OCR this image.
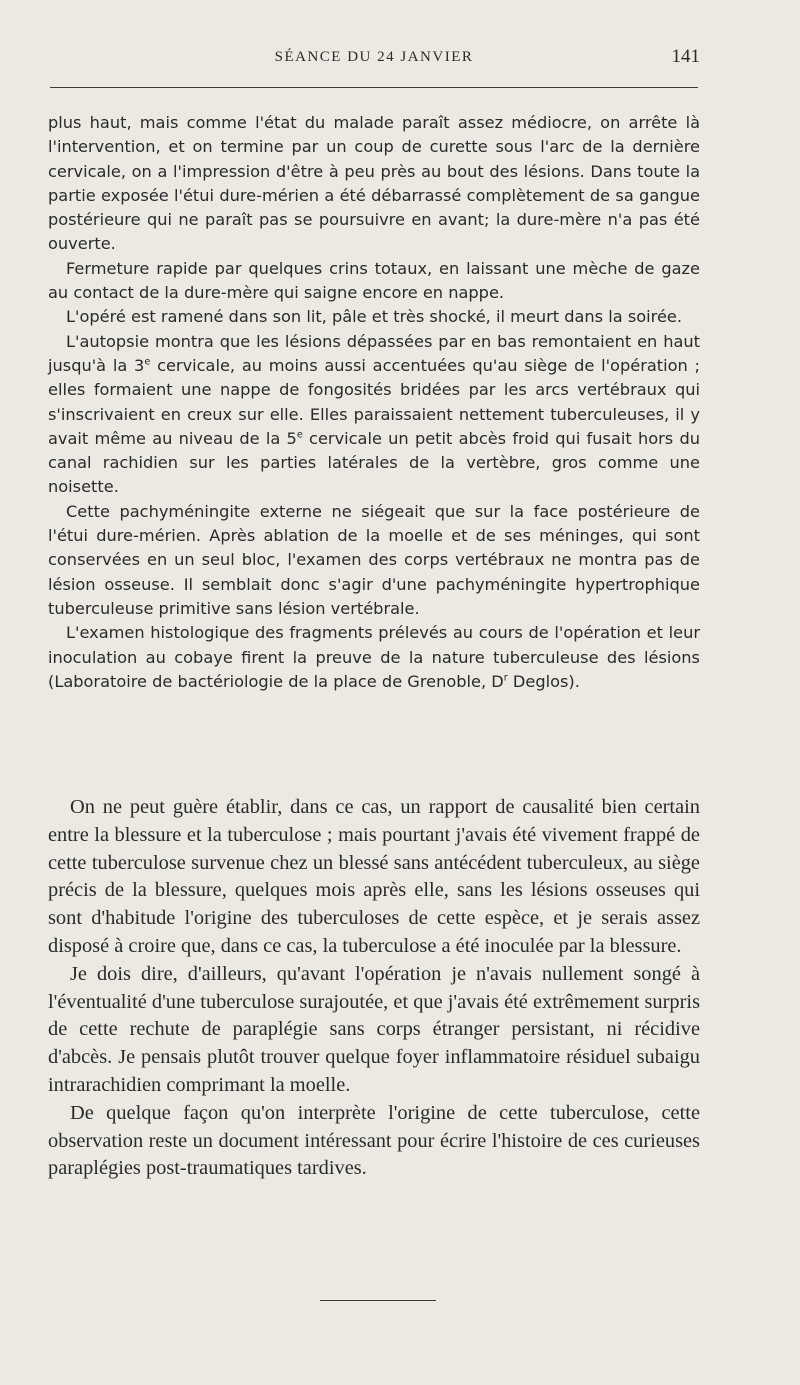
SÉANCE DU 24 JANVIER	141

plus haut, mais comme l'état du malade paraît assez médiocre, on arrête là l'intervention, et on termine par un coup de curette sous l'arc de la dernière cervicale, on a l'impression d'être à peu près au bout des lésions. Dans toute la partie exposée l'étui dure-mérien a été débarrassé complètement de sa gangue postérieure qui ne paraît pas se poursuivre en avant; la dure-mère n'a pas été ouverte.

Fermeture rapide par quelques crins totaux, en laissant une mèche de gaze au contact de la dure-mère qui saigne encore en nappe.

L'opéré est ramené dans son lit, pâle et très shocké, il meurt dans la soirée.

L'autopsie montra que les lésions dépassées par en bas remontaient en haut jusqu'à la 3e cervicale, au moins aussi accentuées qu'au siège de l'opération ; elles formaient une nappe de fongosités bridées par les arcs vertébraux qui s'inscrivaient en creux sur elle. Elles paraissaient nettement tuberculeuses, il y avait même au niveau de la 5e cervicale un petit abcès froid qui fusait hors du canal rachidien sur les parties latérales de la vertèbre, gros comme une noisette.

Cette pachyméningite externe ne siégeait que sur la face postérieure de l'étui dure-mérien. Après ablation de la moelle et de ses méninges, qui sont conservées en un seul bloc, l'examen des corps vertébraux ne montra pas de lésion osseuse. Il semblait donc s'agir d'une pachyméningite hypertrophique tuberculeuse primitive sans lésion vertébrale.

L'examen histologique des fragments prélevés au cours de l'opération et leur inoculation au cobaye firent la preuve de la nature tuberculeuse des lésions (Laboratoire de bactériologie de la place de Grenoble, $D^r$ Deglos).

On ne peut guère établir, dans ce cas, un rapport de causalité bien certain entre la blessure et la tuberculose ; mais pourtant j'avais été vivement frappé de cette tuberculose survenue chez un blessé sans antécédent tuberculeux, au siège précis de la blessure, quelques mois après elle, sans les lésions osseuses qui sont d'habitude l'origine des tuberculoses de cette espèce, et je serais assez disposé à croire que, dans ce cas, la tuberculose a été inoculée par la blessure.

Je dois dire, d'ailleurs, qu'avant l'opération je n'avais nullement songé à l'éventualité d'une tuberculose surajoutée, et que j'avais été extrêmement surpris de cette rechute de paraplégie sans corps étranger persistant, ni récidive d'abcès. Je pensais plutôt trouver quelque foyer inflammatoire résiduel subaigu intrarachidien comprimant la moelle.

De quelque façon qu'on interprète l'origine de cette tuberculose, cette observation reste un document intéressant pour écrire l'histoire de ces curieuses paraplégies post-traumatiques tardives.
